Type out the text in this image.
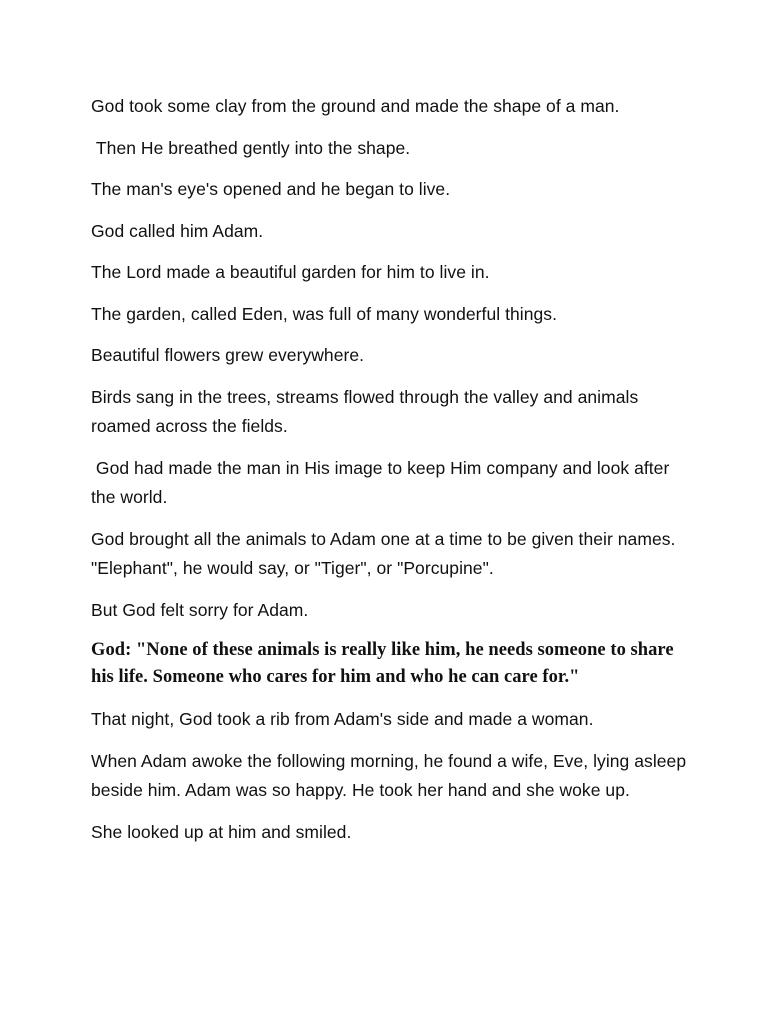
God took some clay from the ground and made the shape of a man.

Then He breathed gently into the shape.

The man's eye's opened and he began to live.

God called him Adam.

The Lord made a beautiful garden for him to live in.

The garden, called Eden, was full of many wonderful things.

Beautiful flowers grew everywhere.

Birds sang in the trees, streams flowed through the valley and animals roamed across the fields.

God had made the man in His image to keep Him company and look after the world.

God brought all the animals to Adam one at a time to be given their names. "Elephant", he would say, or "Tiger", or "Porcupine".

But God felt sorry for Adam.

God: "None of these animals is really like him, he needs someone to share his life. Someone who cares for him and who he can care for."

That night, God took a rib from Adam's side and made a woman.

When Adam awoke the following morning, he found a wife, Eve, lying asleep beside him. Adam was so happy. He took her hand and she woke up.

She looked up at him and smiled.
